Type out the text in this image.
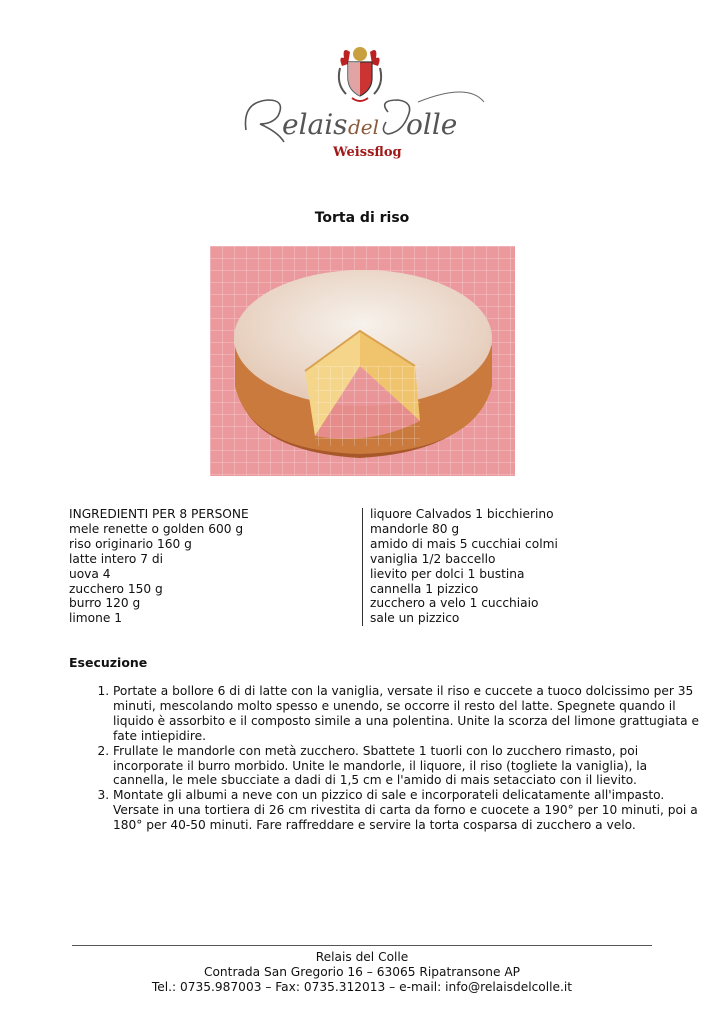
elais del olle
Weissflog
Torta di riso
INGREDIENTI PER 8 PERSONE
mele renette o golden 600 g
riso originario 160 g
latte intero 7 di
uova 4
zucchero 150 g
burro 120 g
limone 1
liquore Calvados 1 bicchierino
mandorle 80 g
amido di mais 5 cucchiai colmi
vaniglia 1/2 baccello
lievito per dolci 1 bustina
cannella 1 pizzico
zucchero a velo 1 cucchiaio
sale un pizzico
Esecuzione
1. Portate a bollore 6 di di latte con la vaniglia, versate il riso e cuccete a tuoco dolcissimo per 35 minuti, mescolando molto spesso e unendo, se occorre il resto del latte. Spegnete quando il liquido è assorbito e il composto simile a una polentina. Unite la scorza del limone grattugiata e fate intiepidire.
2. Frullate le mandorle con metà zucchero. Sbattete 1 tuorli con lo zucchero rimasto, poi incorporate il burro morbido. Unite le mandorle, il liquore, il riso (togliete la vaniglia), la cannella, le mele sbucciate a dadi di 1,5 cm e l'amido di mais setacciato con il lievito.
3. Montate gli albumi a neve con un pizzico di sale e incorporateli delicatamente all'impasto. Versate in una tortiera di 26 cm rivestita di carta da forno e cuocete a 190° per 10 minuti, poi a 180° per 40-50 minuti. Fare raffreddare e servire la torta cosparsa di zucchero a velo.
Relais del Colle
Contrada San Gregorio 16 – 63065 Ripatransone AP
Tel.: 0735.987003 – Fax: 0735.312013 – e-mail: info@relaisdelcolle.it
